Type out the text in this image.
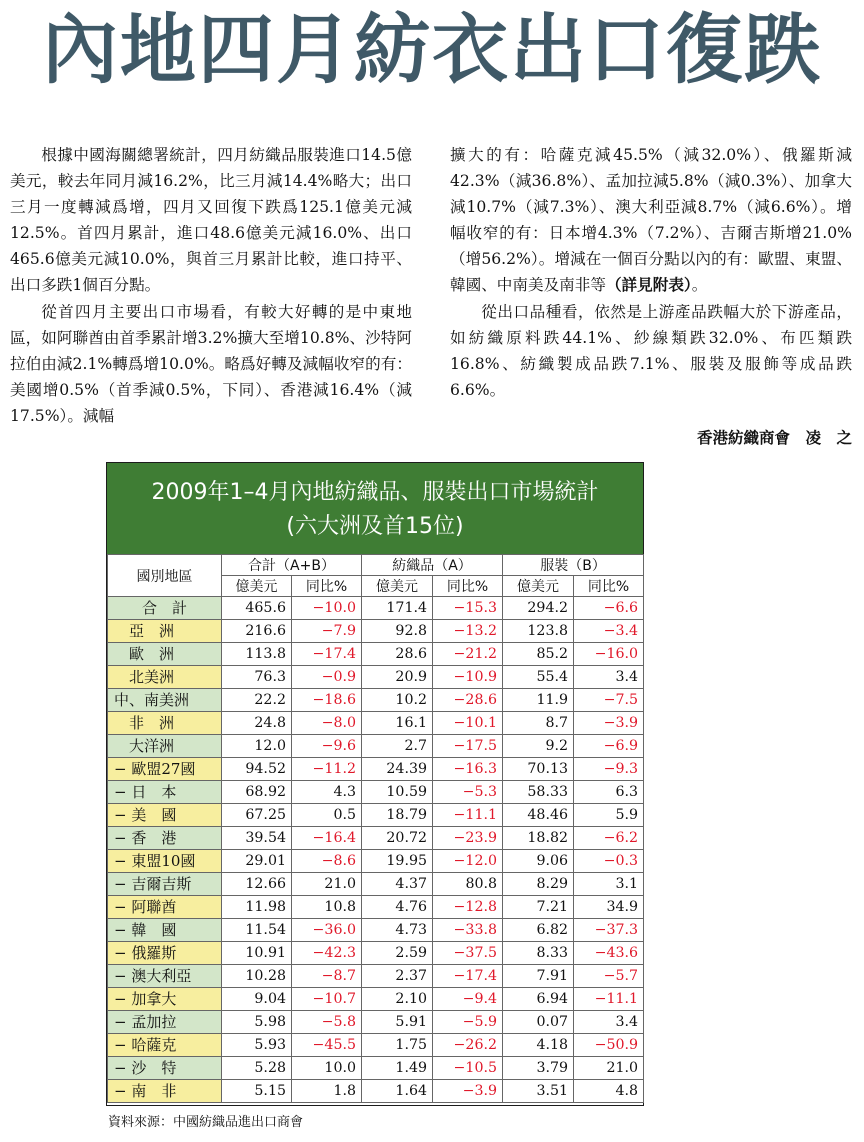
內地四月紡衣出口復跌

根據中國海關總署統計，四月紡織品服裝進口14.5億美元，較去年同月減16.2%，比三月減14.4%略大；出口三月一度轉減爲增，四月又回復下跌爲125.1億美元減12.5%。首四月累計，進口48.6億美元減16.0%、出口465.6億美元減10.0%，與首三月累計比較，進口持平、出口多跌1個百分點。

從首四月主要出口市場看，有較大好轉的是中東地區，如阿聯酋由首季累計增3.2%擴大至增10.8%、沙特阿拉伯由減2.1%轉爲增10.0%。略爲好轉及減幅收窄的有：美國增0.5%（首季減0.5%，下同）、香港減16.4%（減17.5%）。減幅

擴大的有：哈薩克減45.5%（減32.0%）、俄羅斯減42.3%（減36.8%）、孟加拉減5.8%（減0.3%）、加拿大減10.7%（減7.3%）、澳大利亞減8.7%（減6.6%）。增幅收窄的有：日本增4.3%（7.2%）、吉爾吉斯增21.0%（增56.2%）。增減在一個百分點以內的有：歐盟、東盟、韓國、中南美及南非等（詳見附表）。

從出口品種看，依然是上游產品跌幅大於下游產品，如紡織原料跌44.1%、紗線類跌32.0%、布匹類跌16.8%、紡織製成品跌7.1%、服裝及服飾等成品跌6.6%。

香港紡織商會　凌　之
2009年1–4月內地紡織品、服裝出口市場統計
(六大洲及首15位)
國別地區	合計（A+B）		紡織品（A）		服裝（B）	
	億美元	同比%	億美元	同比%	億美元	同比%
合　計	465.6	−10.0	171.4	−15.3	294.2	−6.6
　亞　洲	216.6	−7.9	92.8	−13.2	123.8	−3.4
　歐　洲	113.8	−17.4	28.6	−21.2	85.2	−16.0
　北美洲	76.3	−0.9	20.9	−10.9	55.4	3.4
中、南美洲	22.2	−18.6	10.2	−28.6	11.9	−7.5
　非　洲	24.8	−8.0	16.1	−10.1	8.7	−3.9
　大洋洲	12.0	−9.6	2.7	−17.5	9.2	−6.9
− 歐盟27國	94.52	−11.2	24.39	−16.3	70.13	−9.3
− 日　本	68.92	4.3	10.59	−5.3	58.33	6.3
− 美　國	67.25	0.5	18.79	−11.1	48.46	5.9
− 香　港	39.54	−16.4	20.72	−23.9	18.82	−6.2
− 東盟10國	29.01	−8.6	19.95	−12.0	9.06	−0.3
− 吉爾吉斯	12.66	21.0	4.37	80.8	8.29	3.1
− 阿聯酋	11.98	10.8	4.76	−12.8	7.21	34.9
− 韓　國	11.54	−36.0	4.73	−33.8	6.82	−37.3
− 俄羅斯	10.91	−42.3	2.59	−37.5	8.33	−43.6
− 澳大利亞	10.28	−8.7	2.37	−17.4	7.91	−5.7
− 加拿大	9.04	−10.7	2.10	−9.4	6.94	−11.1
− 孟加拉	5.98	−5.8	5.91	−5.9	0.07	3.4
− 哈薩克	5.93	−45.5	1.75	−26.2	4.18	−50.9
− 沙　特	5.28	10.0	1.49	−10.5	3.79	21.0
− 南　非	5.15	1.8	1.64	−3.9	3.51	4.8
資料來源：中國紡織品進出口商會
